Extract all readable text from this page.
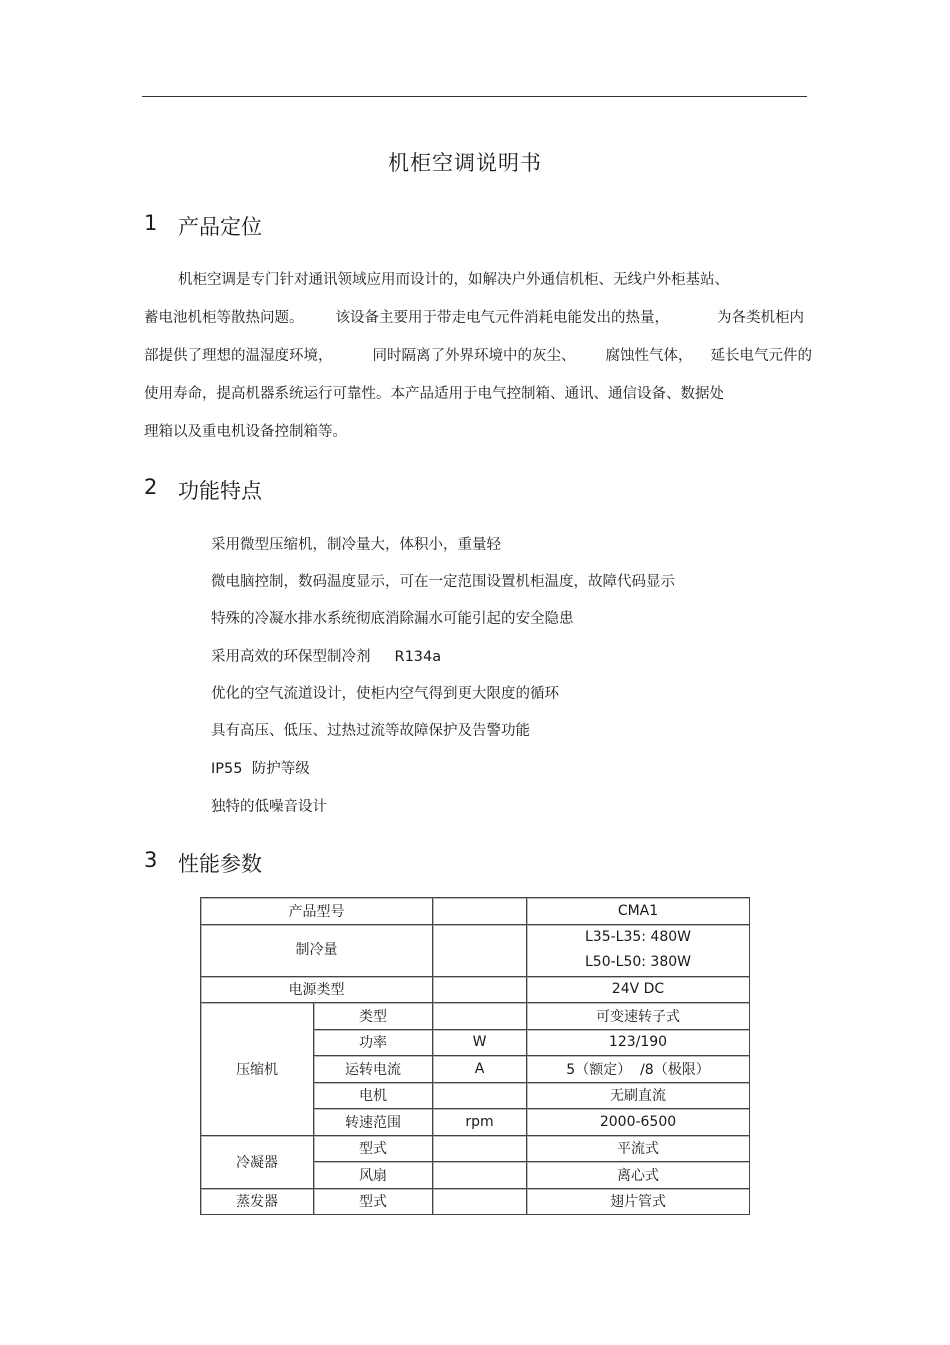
机柜空调说明书
1 产品定位
机柜空调是专门针对通讯领域应用而设计的，如解决户外通信机柜、无线户外柜基站、
蓄电池机柜等散热问题。 该设备主要用于带走电气元件消耗电能发出的热量，	为各类机柜内
部提供了理想的温湿度环境，	同时隔离了外界环境中的灰尘、 腐蚀性气体， 延长电气元件的
使用寿命，提高机器系统运行可靠性。本产品适用于电气控制箱、通讯、通信设备、数据处
理箱以及重电机设备控制箱等。
2 功能特点
采用微型压缩机，制冷量大，体积小，重量轻
微电脑控制，数码温度显示，可在一定范围设置机柜温度，故障代码显示
特殊的冷凝水排水系统彻底消除漏水可能引起的安全隐患
采用高效的环保型制冷剂 R134a
优化的空气流道设计，使柜内空气得到更大限度的循环
具有高压、低压、过热过流等故障保护及告警功能
IP55  防护等级
独特的低噪音设计
3 性能参数
产品型号			CMA1
制冷量			L35-L35: 480W
L50-L50: 380W

电源类型			24V DC
压缩机	类型		可变速转子式
	功率	W	123/190
	运转电流	A	5（额定）  /8（极限）
	电机		无刷直流
	转速范围	rpm	2000-6500
冷凝器	型式		平流式
	风扇		离心式
蒸发器	型式		翅片管式
